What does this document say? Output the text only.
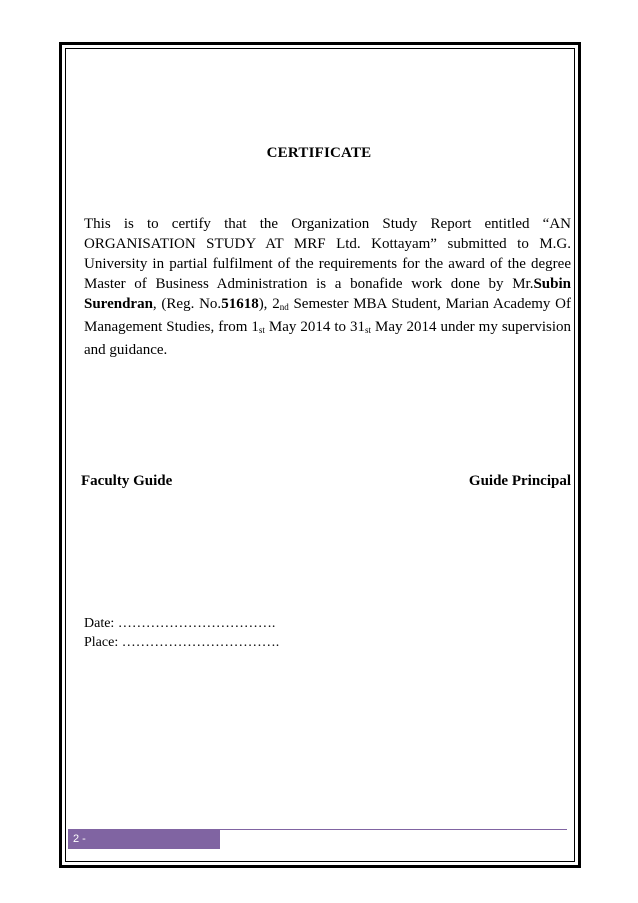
CERTIFICATE
This is to certify that the Organization Study Report entitled “AN ORGANISATION STUDY AT MRF Ltd. Kottayam” submitted to M.G. University in partial fulfilment of the requirements for the award of the degree Master of Business Administration is a bonafide work done by Mr.Subin Surendran, (Reg. No.51618), $2_{nd}$ Semester MBA Student, Marian Academy Of Management Studies, from $1_{st}$ May 2014 to $31_{st}$ May 2014 under my supervision and guidance.
Faculty Guide	Guide Principal
Date: …………………………….
Place: …………………………….
2 -
